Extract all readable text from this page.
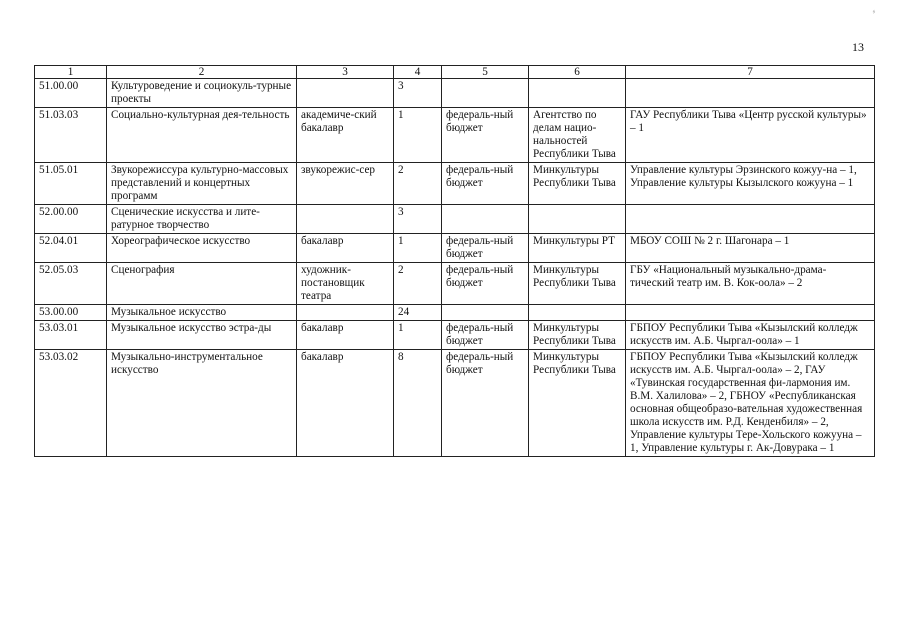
⸗
13
1	2	3	4	5	6	7
51.00.00	Культуроведение и социокуль-турные проекты		3			
51.03.03	Социально-культурная дея-тельность	академиче-ский бакалавр	1	федераль-ный бюджет	Агентство по делам нацио-нальностей Республики Тыва	ГАУ Республики Тыва «Центр русской культуры» – 1
51.05.01	Звукорежиссура культурно-массовых представлений и концертных программ	звукорежис-сер	2	федераль-ный бюджет	Минкультуры Республики Тыва	Управление культуры Эрзинского кожуу-на – 1, Управление культуры Кызылского кожууна – 1
52.00.00	Сценические искусства и лите-ратурное творчество		3			
52.04.01	Хореографическое искусство	бакалавр	1	федераль-ный бюджет	Минкультуры РТ	МБОУ СОШ № 2 г. Шагонара – 1
52.05.03	Сценография	художник-постановщик театра	2	федераль-ный бюджет	Минкультуры Республики Тыва	ГБУ «Национальный музыкально-драма-тический театр им. В. Кок-оола» – 2
53.00.00	Музыкальное искусство		24			
53.03.01	Музыкальное искусство эстра-ды	бакалавр	1	федераль-ный бюджет	Минкультуры Республики Тыва	ГБПОУ Республики Тыва «Кызылский колледж искусств им. А.Б. Чыргал-оола» – 1
53.03.02	Музыкально-инструментальное искусство	бакалавр	8	федераль-ный бюджет	Минкультуры Республики Тыва	ГБПОУ Республики Тыва «Кызылский колледж искусств им. А.Б. Чыргал-оола» – 2, ГАУ «Тувинская государственная фи-лармония им. В.М. Халилова» – 2, ГБНОУ «Республиканская основная общеобразо-вательная художественная школа искусств им. Р.Д. Кенденбиля» – 2, Управление культуры Тере-Хольского кожууна – 1, Управление культуры г. Ак-Довурака – 1
